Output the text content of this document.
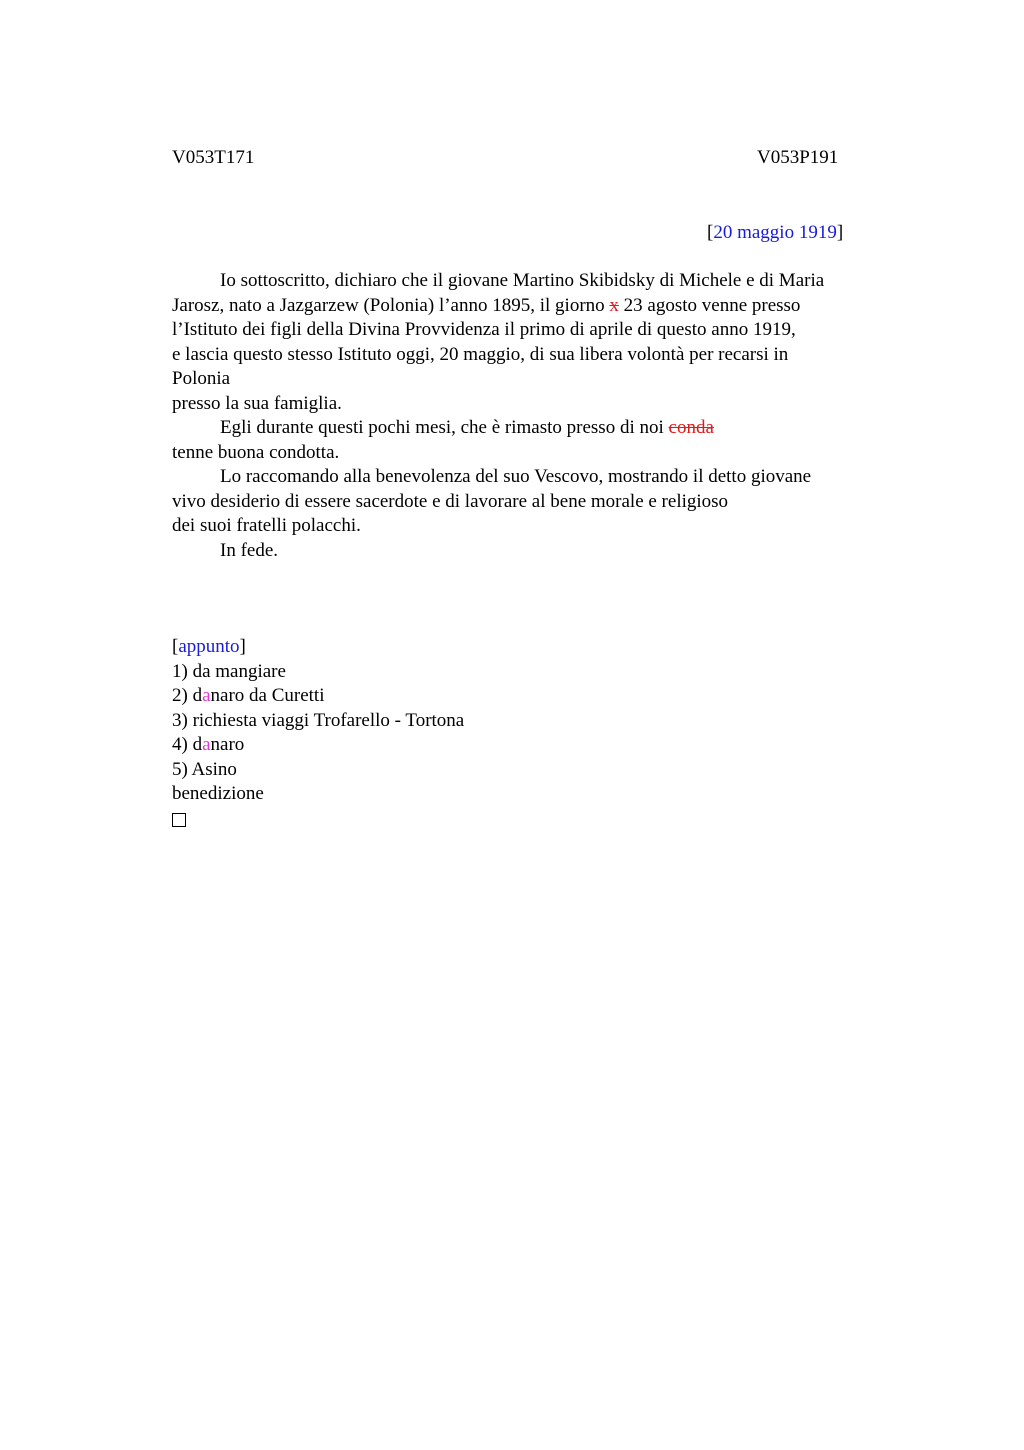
V053T171	V053P191
[20 maggio 1919]
Io sottoscritto, dichiaro che il giovane Martino Skibidsky di Michele e di Maria
Jarosz, nato a Jazgarzew (Polonia) l’anno 1895, il giorno x 23 agosto venne presso
l’Istituto dei figli della Divina Provvidenza il primo di aprile di questo anno 1919,
e lascia questo stesso Istituto oggi, 20 maggio, di sua libera volontà per recarsi in
Polonia
presso la sua famiglia.
Egli durante questi pochi mesi, che è rimasto presso di noi conda
tenne buona condotta.
Lo raccomando alla benevolenza del suo Vescovo, mostrando il detto giovane
vivo desiderio di essere sacerdote e di lavorare al bene morale e religioso
dei suoi fratelli polacchi.
In fede.
[appunto]
1) da mangiare
2) danaro da Curetti
3) richiesta viaggi Trofarello - Tortona
4) danaro
5) Asino
benedizione
